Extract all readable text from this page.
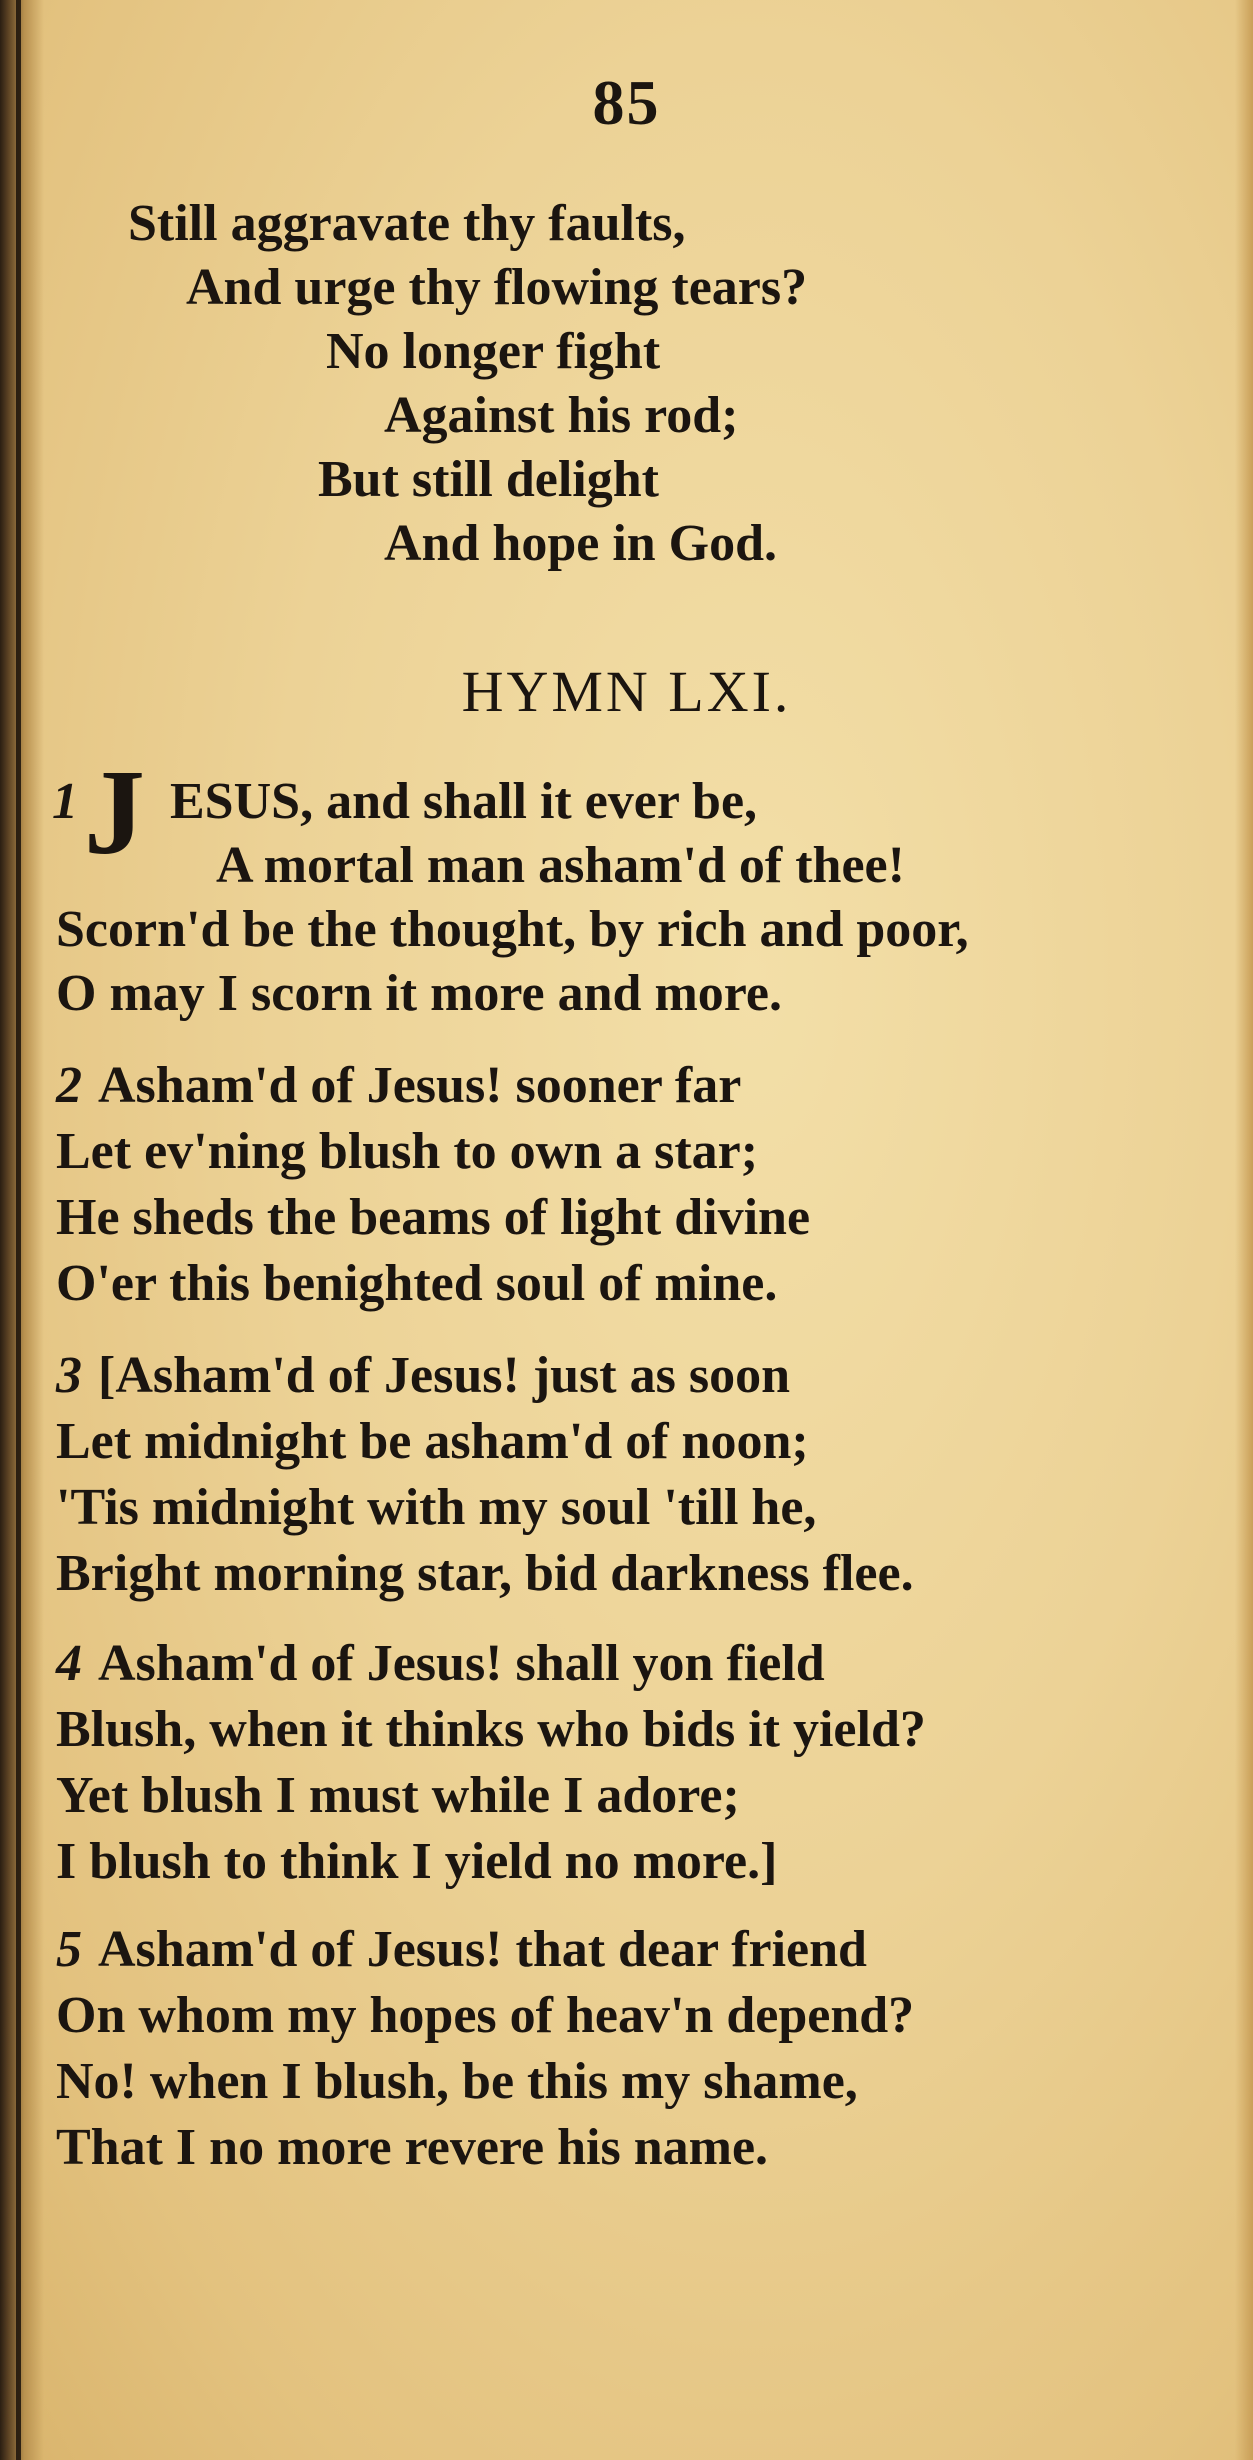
85
Still aggravate thy faults,
And urge thy flowing tears?
No longer fight
Against his rod;
But still delight
And hope in God.
HYMN LXI.
1 J ESUS, and shall it ever be,
A mortal man asham'd of thee!
Scorn'd be the thought, by rich and poor,
O may I scorn it more and more.
2 Asham'd of Jesus! sooner far
Let ev'ning blush to own a star;
He sheds the beams of light divine
O'er this benighted soul of mine.
3 [Asham'd of Jesus! just as soon
Let midnight be asham'd of noon;
'Tis midnight with my soul 'till he,
Bright morning star, bid darkness flee.
4 Asham'd of Jesus! shall yon field
Blush, when it thinks who bids it yield?
Yet blush I must while I adore;
I blush to think I yield no more.]
5 Asham'd of Jesus! that dear friend
On whom my hopes of heav'n depend?
No! when I blush, be this my shame,
That I no more revere his name.
